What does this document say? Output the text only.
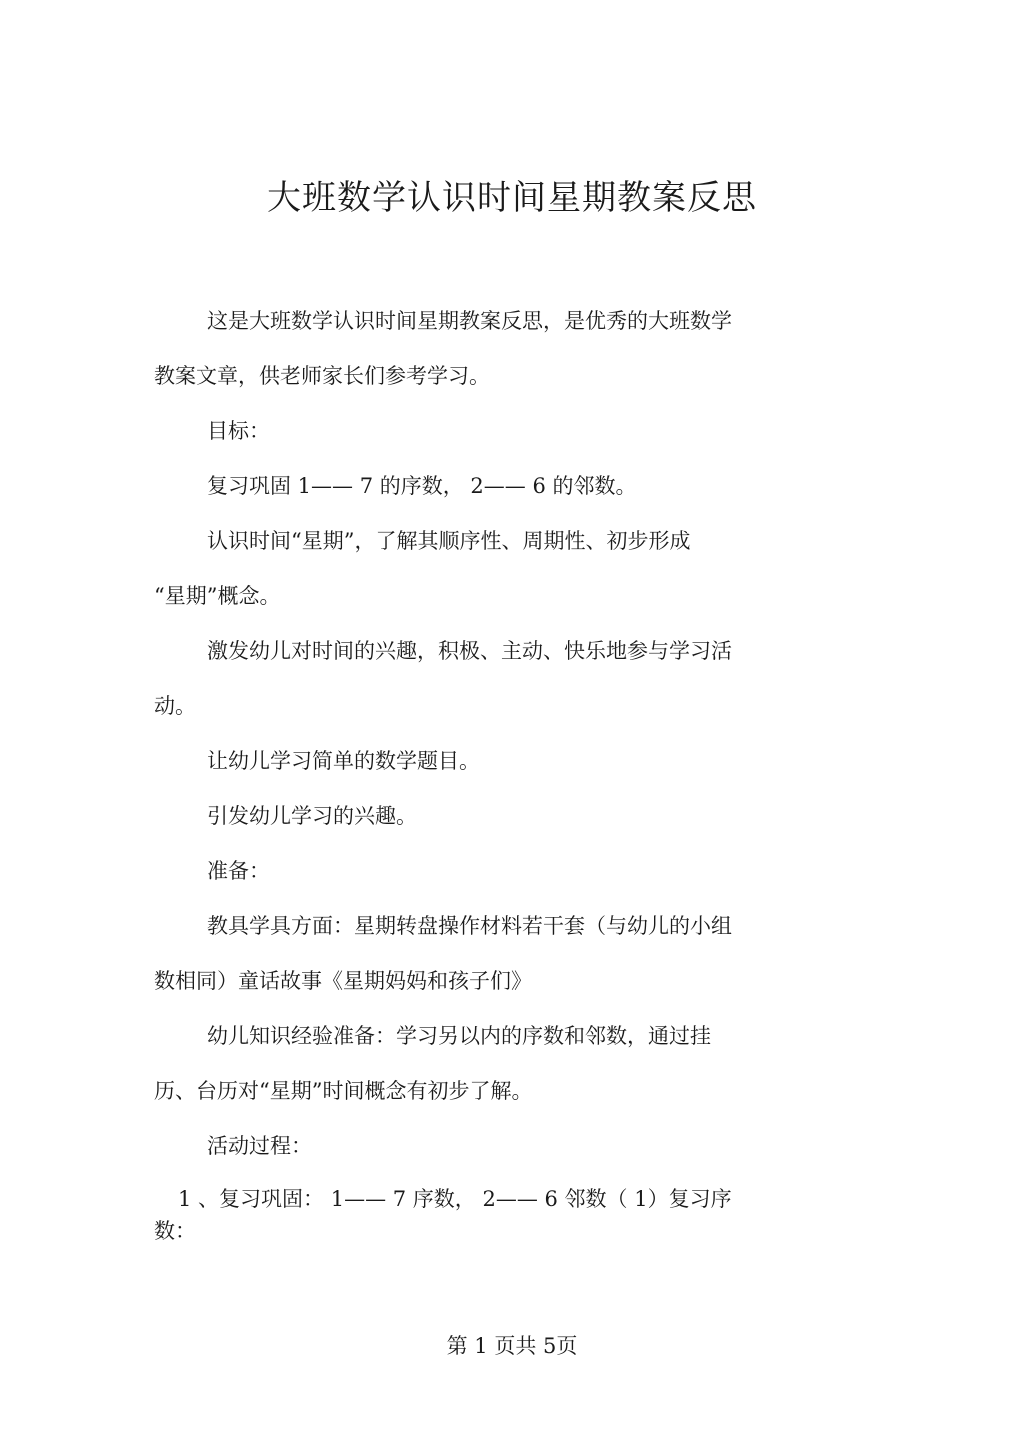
大班数学认识时间星期教案反思

这是大班数学认识时间星期教案反思，是优秀的大班数学

教案文章，供老师家长们参考学习。

目标：

复习巩固 1—— 7 的序数， 2—— 6 的邻数。

认识时间“星期”，了解其顺序性、周期性、初步形成

“星期”概念。

激发幼儿对时间的兴趣，积极、主动、快乐地参与学习活

动。

让幼儿学习简单的数学题目。

引发幼儿学习的兴趣。

准备：

教具学具方面：星期转盘操作材料若干套（与幼儿的小组

数相同）童话故事《星期妈妈和孩子们》

幼儿知识经验准备：学习另以内的序数和邻数，通过挂

历、台历对“星期”时间概念有初步了解。

活动过程：

1 、复习巩固： 1—— 7 序数， 2—— 6 邻数（ 1）复习序

数：

第 1 页共 5页
